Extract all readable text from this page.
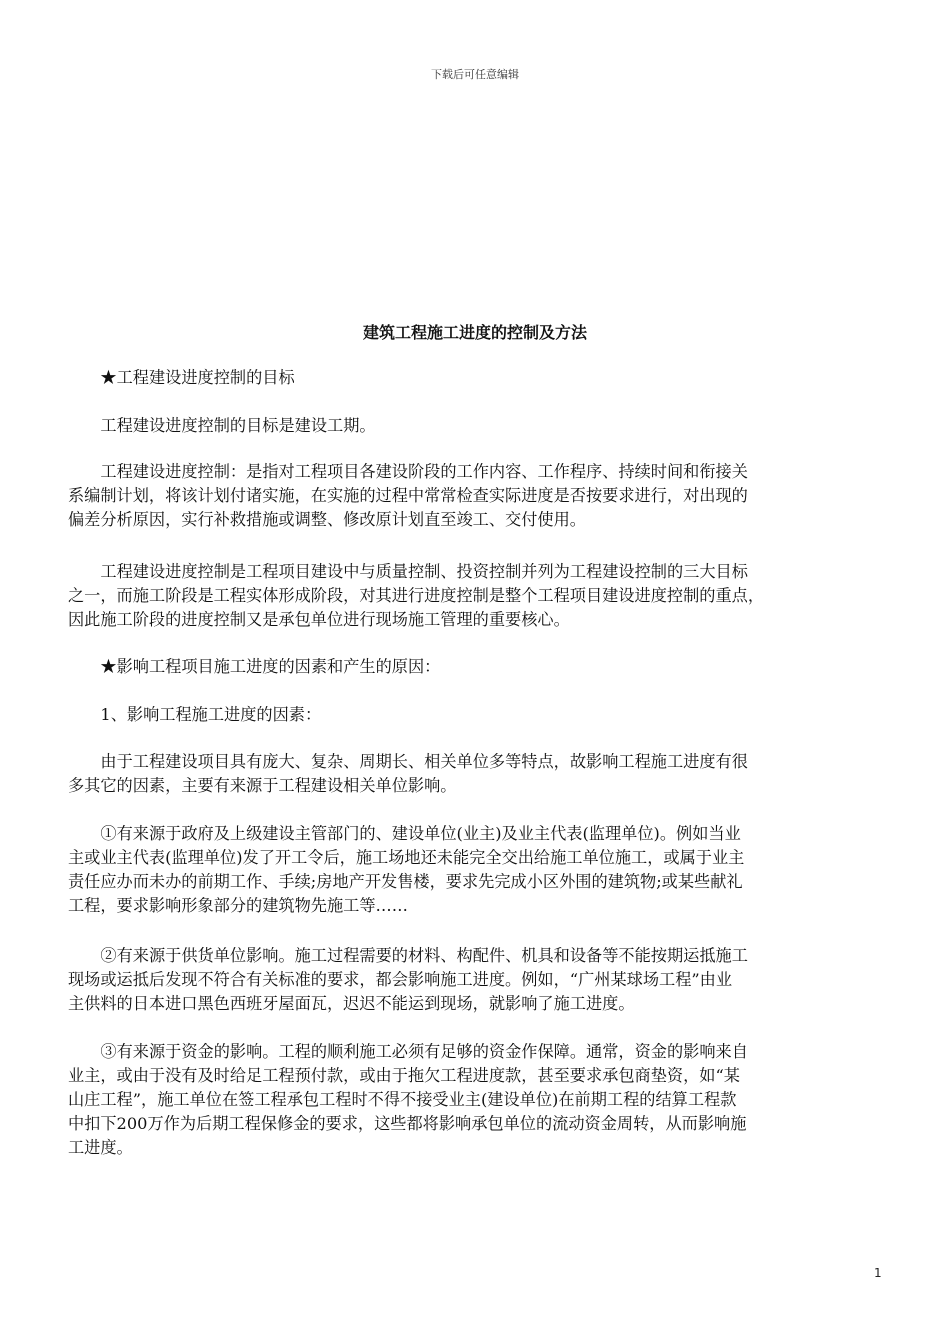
下载后可任意编辑
建筑工程施工进度的控制及方法
★工程建设进度控制的目标
工程建设进度控制的目标是建设工期。
工程建设进度控制：是指对工程项目各建设阶段的工作内容、工作程序、持续时间和衔接关
系编制计划，将该计划付诸实施，在实施的过程中常常检查实际进度是否按要求进行，对出现的
偏差分析原因，实行补救措施或调整、修改原计划直至竣工、交付使用。
工程建设进度控制是工程项目建设中与质量控制、投资控制并列为工程建设控制的三大目标
之一，而施工阶段是工程实体形成阶段，对其进行进度控制是整个工程项目建设进度控制的重点，
因此施工阶段的进度控制又是承包单位进行现场施工管理的重要核心。
★影响工程项目施工进度的因素和产生的原因：
1、影响工程施工进度的因素：
由于工程建设项目具有庞大、复杂、周期长、相关单位多等特点，故影响工程施工进度有很
多其它的因素，主要有来源于工程建设相关单位影响。
①有来源于政府及上级建设主管部门的、建设单位(业主)及业主代表(监理单位)。例如当业
主或业主代表(监理单位)发了开工令后，施工场地还未能完全交出给施工单位施工，或属于业主
责任应办而未办的前期工作、手续;房地产开发售楼，要求先完成小区外围的建筑物;或某些献礼
工程，要求影响形象部分的建筑物先施工等……
②有来源于供货单位影响。施工过程需要的材料、构配件、机具和设备等不能按期运抵施工
现场或运抵后发现不符合有关标准的要求，都会影响施工进度。例如，“广州某球场工程”由业
主供料的日本进口黑色西班牙屋面瓦，迟迟不能运到现场，就影响了施工进度。
③有来源于资金的影响。工程的顺利施工必须有足够的资金作保障。通常，资金的影响来自
业主，或由于没有及时给足工程预付款，或由于拖欠工程进度款，甚至要求承包商垫资，如“某
山庄工程”，施工单位在签工程承包工程时不得不接受业主(建设单位)在前期工程的结算工程款
中扣下200万作为后期工程保修金的要求，这些都将影响承包单位的流动资金周转，从而影响施
工进度。
1
